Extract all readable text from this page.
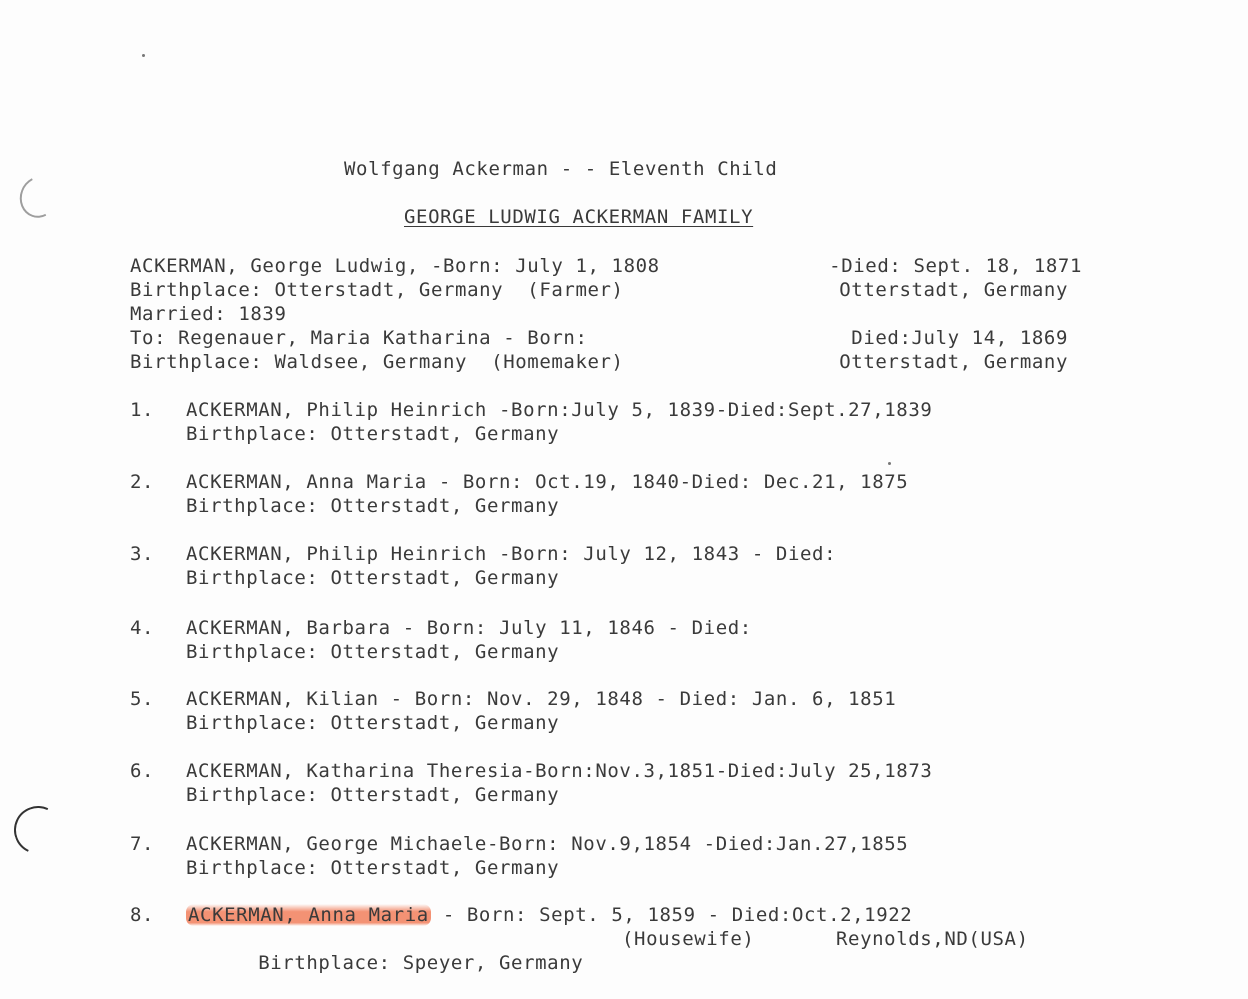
Wolfgang Ackerman - - Eleventh Child
GEORGE LUDWIG ACKERMAN FAMILY

ACKERMAN, George Ludwig, -Born: July 1, 1808

	-Died: Sept. 18, 1871

Birthplace: Otterstadt, Germany  (Farmer)

	Otterstadt, Germany

Married: 1839

To: Regenauer, Maria Katharina - Born:

	Died:July 14, 1869

Birthplace: Waldsee, Germany  (Homemaker)

	Otterstadt, Germany

1. ACKERMAN, Philip Heinrich -Born:July 5, 1839-Died:Sept.27,1839
Birthplace: Otterstadt, Germany
2. ACKERMAN, Anna Maria - Born: Oct.19, 1840-Died: Dec.21, 1875
Birthplace: Otterstadt, Germany
3. ACKERMAN, Philip Heinrich -Born: July 12, 1843 - Died:
Birthplace: Otterstadt, Germany
4. ACKERMAN, Barbara - Born: July 11, 1846 - Died:
Birthplace: Otterstadt, Germany
5. ACKERMAN, Kilian - Born: Nov. 29, 1848 - Died: Jan. 6, 1851
Birthplace: Otterstadt, Germany
6. ACKERMAN, Katharina Theresia-Born:Nov.3,1851-Died:July 25,1873
Birthplace: Otterstadt, Germany
7. ACKERMAN, George Michaele-Born: Nov.9,1854 -Died:Jan.27,1855
Birthplace: Otterstadt, Germany
8. ACKERMAN, Anna Maria - Born: Sept. 5, 1859 - Died:Oct.2,1922

Birthplace: Speyer, Germany

(Housewife)

	Reynolds,ND(USA)
